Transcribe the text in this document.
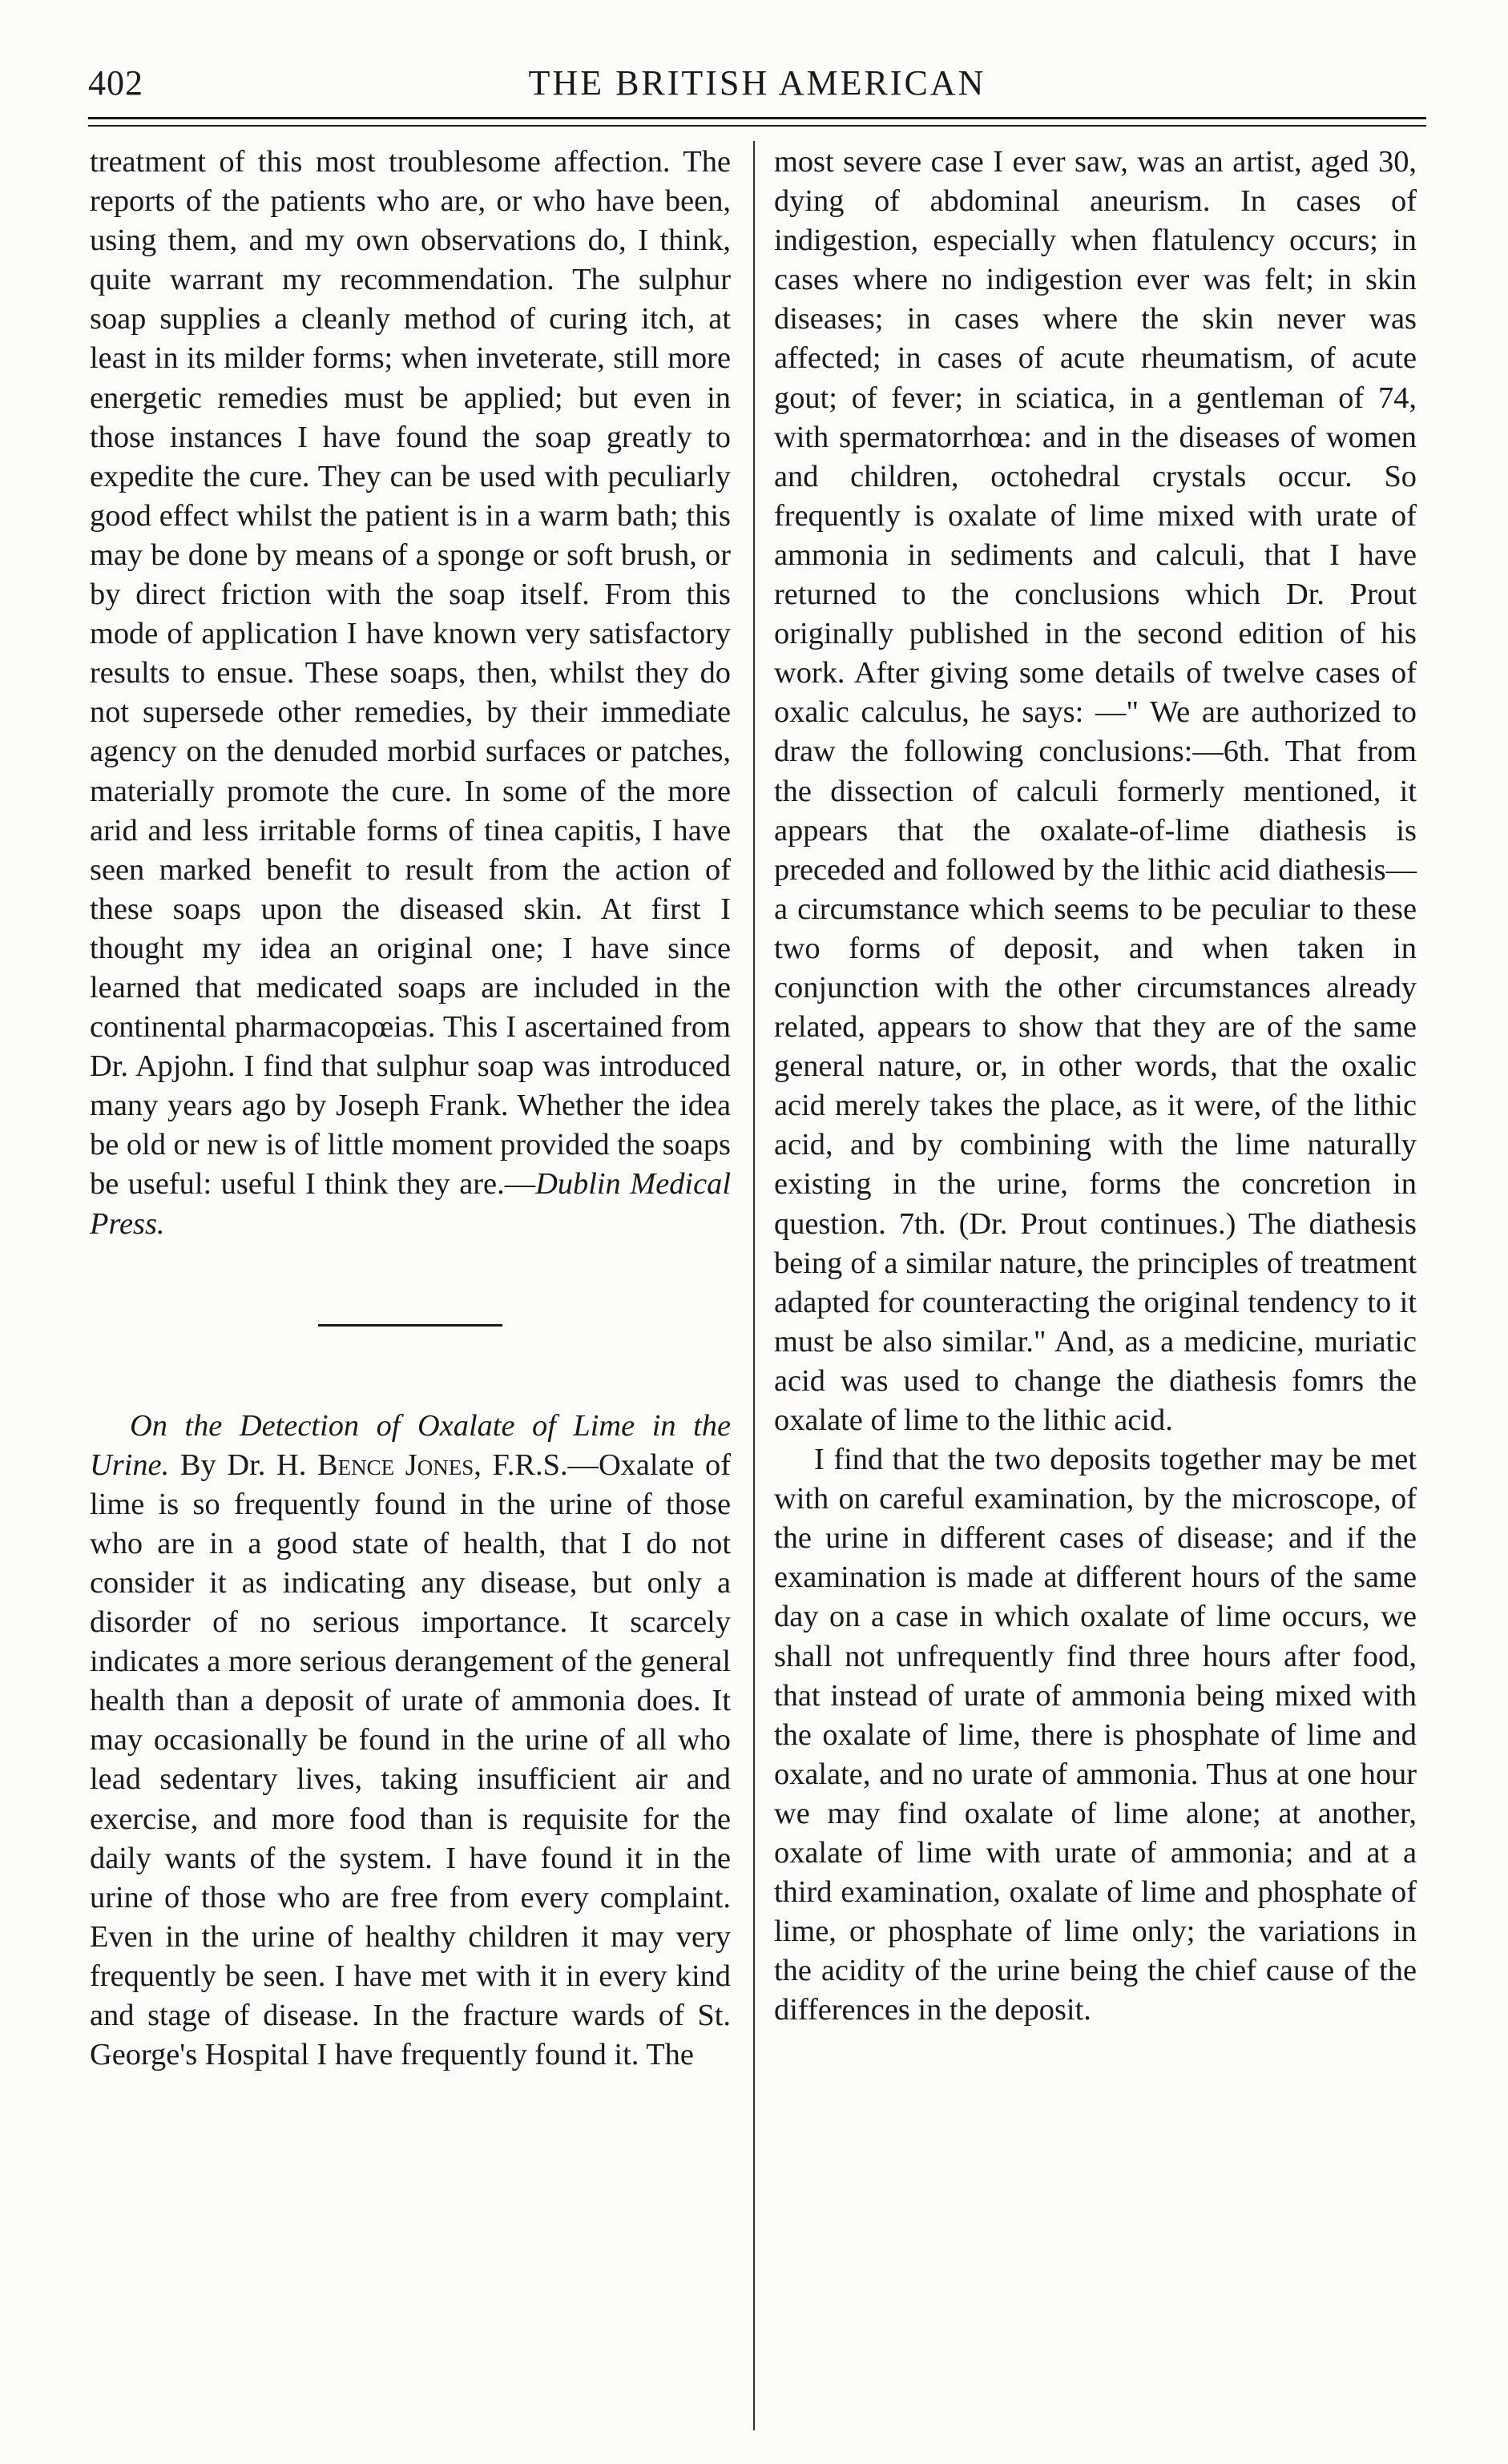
THE BRITISH AMERICAN
402

treatment of this most troublesome affection. The reports of the patients who are, or who have been, using them, and my own observations do, I think, quite warrant my recommendation. The sulphur soap supplies a cleanly method of curing itch, at least in its milder forms; when inveterate, still more energetic remedies must be applied; but even in those instances I have found the soap greatly to expedite the cure. They can be used with peculiarly good effect whilst the patient is in a warm bath; this may be done by means of a sponge or soft brush, or by direct friction with the soap itself. From this mode of application I have known very satisfactory results to ensue. These soaps, then, whilst they do not supersede other remedies, by their immediate agency on the denuded morbid surfaces or patches, materially promote the cure. In some of the more arid and less irritable forms of tinea capitis, I have seen marked benefit to result from the action of these soaps upon the diseased skin. At first I thought my idea an original one; I have since learned that medicated soaps are included in the continental pharmacopœias. This I ascertained from Dr. Apjohn. I find that sulphur soap was introduced many years ago by Joseph Frank. Whether the idea be old or new is of little moment provided the soaps be useful: useful I think they are.—Dublin Medical Press.

On the Detection of Oxalate of Lime in the Urine. By Dr. H. Bence Jones, F.R.S.—Oxalate of lime is so frequently found in the urine of those who are in a good state of health, that I do not consider it as indicating any disease, but only a disorder of no serious importance. It scarcely indicates a more serious derangement of the general health than a deposit of urate of ammonia does. It may occasionally be found in the urine of all who lead sedentary lives, taking insufficient air and exercise, and more food than is requisite for the daily wants of the system. I have found it in the urine of those who are free from every complaint. Even in the urine of healthy children it may very frequently be seen. I have met with it in every kind and stage of disease. In the fracture wards of St. George's Hospital I have frequently found it. The

most severe case I ever saw, was an artist, aged 30, dying of abdominal aneurism. In cases of indigestion, especially when flatulency occurs; in cases where no indigestion ever was felt; in skin diseases; in cases where the skin never was affected; in cases of acute rheumatism, of acute gout; of fever; in sciatica, in a gentleman of 74, with spermatorrhœa: and in the diseases of women and children, octohedral crystals occur. So frequently is oxalate of lime mixed with urate of ammonia in sediments and calculi, that I have returned to the conclusions which Dr. Prout originally published in the second edition of his work. After giving some details of twelve cases of oxalic calculus, he says: —" We are authorized to draw the following conclusions:—6th. That from the dissection of calculi formerly mentioned, it appears that the oxalate-of-lime diathesis is preceded and followed by the lithic acid diathesis—a circumstance which seems to be peculiar to these two forms of deposit, and when taken in conjunction with the other circumstances already related, appears to show that they are of the same general nature, or, in other words, that the oxalic acid merely takes the place, as it were, of the lithic acid, and by combining with the lime naturally existing in the urine, forms the concretion in question. 7th. (Dr. Prout continues.) The diathesis being of a similar nature, the principles of treatment adapted for counteracting the original tendency to it must be also similar." And, as a medicine, muriatic acid was used to change the diathesis fomrs the oxalate of lime to the lithic acid.

I find that the two deposits together may be met with on careful examination, by the microscope, of the urine in different cases of disease; and if the examination is made at different hours of the same day on a case in which oxalate of lime occurs, we shall not unfrequently find three hours after food, that instead of urate of ammonia being mixed with the oxalate of lime, there is phosphate of lime and oxalate, and no urate of ammonia. Thus at one hour we may find oxalate of lime alone; at another, oxalate of lime with urate of ammonia; and at a third examination, oxalate of lime and phosphate of lime, or phosphate of lime only; the variations in the acidity of the urine being the chief cause of the differences in the deposit.
